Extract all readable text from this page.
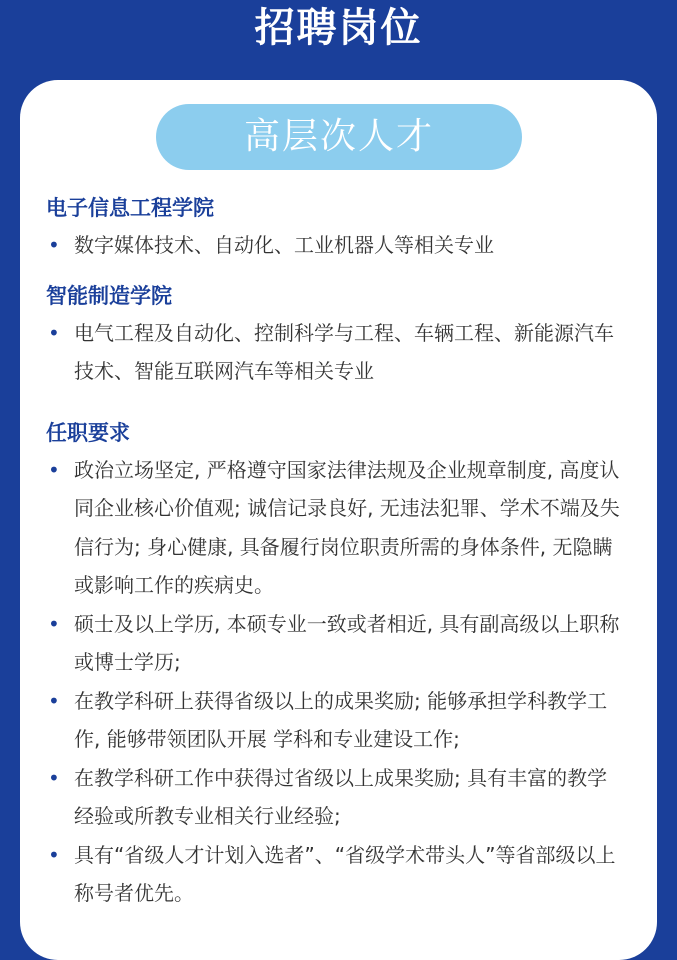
招聘岗位
高层次人才
电子信息工程学院
• 数字媒体技术、自动化、工业机器人等相关专业
智能制造学院
• 电气工程及自动化、控制科学与工程、车辆工程、新能源汽车技术、智能互联网汽车等相关专业
任职要求
• 政治立场坚定, 严格遵守国家法律法规及企业规章制度, 高度认同企业核心价值观; 诚信记录良好, 无违法犯罪、学术不端及失信行为; 身心健康, 具备履行岗位职责所需的身体条件, 无隐瞒或影响工作的疾病史。
• 硕士及以上学历, 本硕专业一致或者相近, 具有副高级以上职称或博士学历;
• 在教学科研上获得省级以上的成果奖励; 能够承担学科教学工作, 能够带领团队开展 学科和专业建设工作;
• 在教学科研工作中获得过省级以上成果奖励; 具有丰富的教学经验或所教专业相关行业经验;
• 具有“省级人才计划入选者”、“省级学术带头人”等省部级以上称号者优先。
